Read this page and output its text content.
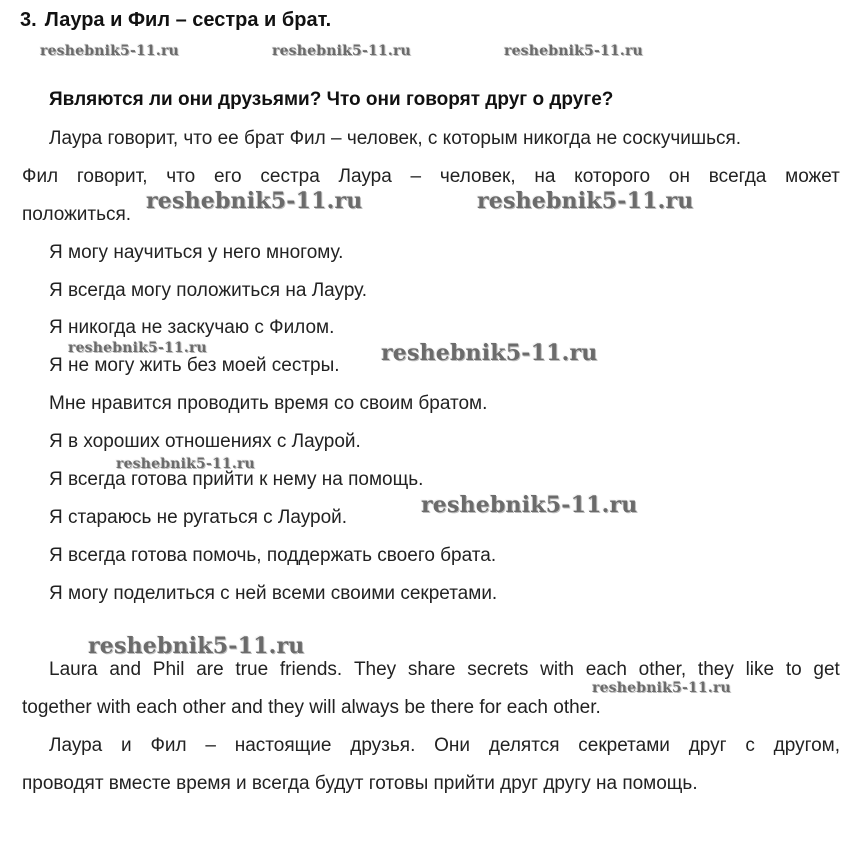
3. Лаура и Фил – сестра и брат.
Являются ли они друзьями? Что они говорят друг о друге?
Лаура говорит, что ее брат Фил – человек, с которым никогда не соскучишься.
Фил говорит, что его сестра Лаура – человек, на которого он всегда может
положиться.
Я могу научиться у него многому.
Я всегда могу положиться на Лауру.
Я никогда не заскучаю с Филом.
Я не могу жить без моей сестры.
Мне нравится проводить время со своим братом.
Я в хороших отношениях с Лаурой.
Я всегда готова прийти к нему на помощь.
Я стараюсь не ругаться с Лаурой.
Я всегда готова помочь, поддержать своего брата.
Я могу поделиться с ней всеми своими секретами.
Laura and Phil are true friends. They share secrets with each other, they like to get
together with each other and they will always be there for each other.
Лаура и Фил – настоящие друзья. Они делятся секретами друг с другом,
проводят вместе время и всегда будут готовы прийти друг другу на помощь.
reshebnik5-11.ru	reshebnik5-11.ru	reshebnik5-11.ru
reshebnik5-11.ru	reshebnik5-11.ru
reshebnik5-11.ru	reshebnik5-11.ru
reshebnik5-11.ru
reshebnik5-11.ru
reshebnik5-11.ru
reshebnik5-11.ru
